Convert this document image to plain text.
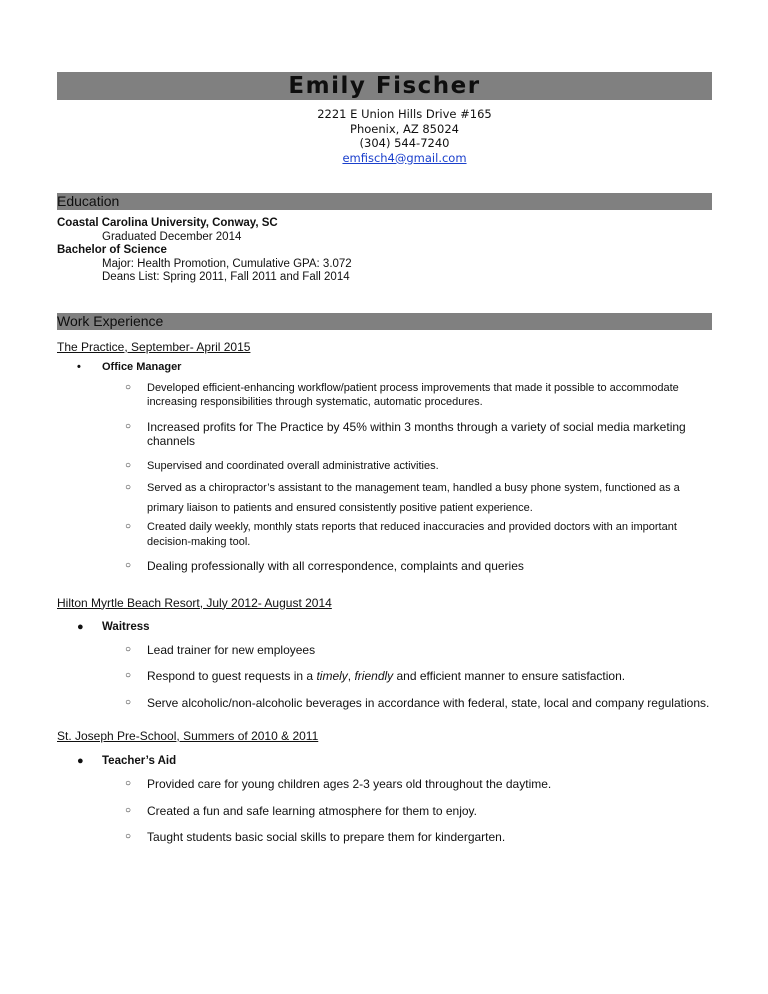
Emily Fischer
2221 E Union Hills Drive #165
Phoenix, AZ 85024
(304) 544-7240
emfisch4@gmail.com
Education
Coastal Carolina University, Conway, SC
Graduated December 2014
Bachelor of Science
Major: Health Promotion, Cumulative GPA: 3.072
Deans List: Spring 2011, Fall 2011 and Fall 2014
Work Experience
The Practice, September- April 2015
• Office Manager
○ Developed efficient-enhancing workflow/patient process improvements that made it possible to accommodate increasing responsibilities through systematic, automatic procedures.
○ Increased profits for The Practice by 45% within 3 months through a variety of social media marketing channels
○ Supervised and coordinated overall administrative activities.
○ Served as a chiropractor’s assistant to the management team, handled a busy phone system, functioned as a
primary liaison to patients and ensured consistently positive patient experience.
○ Created daily weekly, monthly stats reports that reduced inaccuracies and provided doctors with an important decision-making tool.
○ Dealing professionally with all correspondence, complaints and queries
Hilton Myrtle Beach Resort, July 2012- August 2014
● Waitress
○ Lead trainer for new employees
○ Respond to guest requests in a timely, friendly and efficient manner to ensure satisfaction.
○ Serve alcoholic/non-alcoholic beverages in accordance with federal, state, local and company regulations.
St. Joseph Pre-School, Summers of 2010 & 2011
● Teacher’s Aid
○ Provided care for young children ages 2-3 years old throughout the daytime.
○ Created a fun and safe learning atmosphere for them to enjoy.
○ Taught students basic social skills to prepare them for kindergarten.
